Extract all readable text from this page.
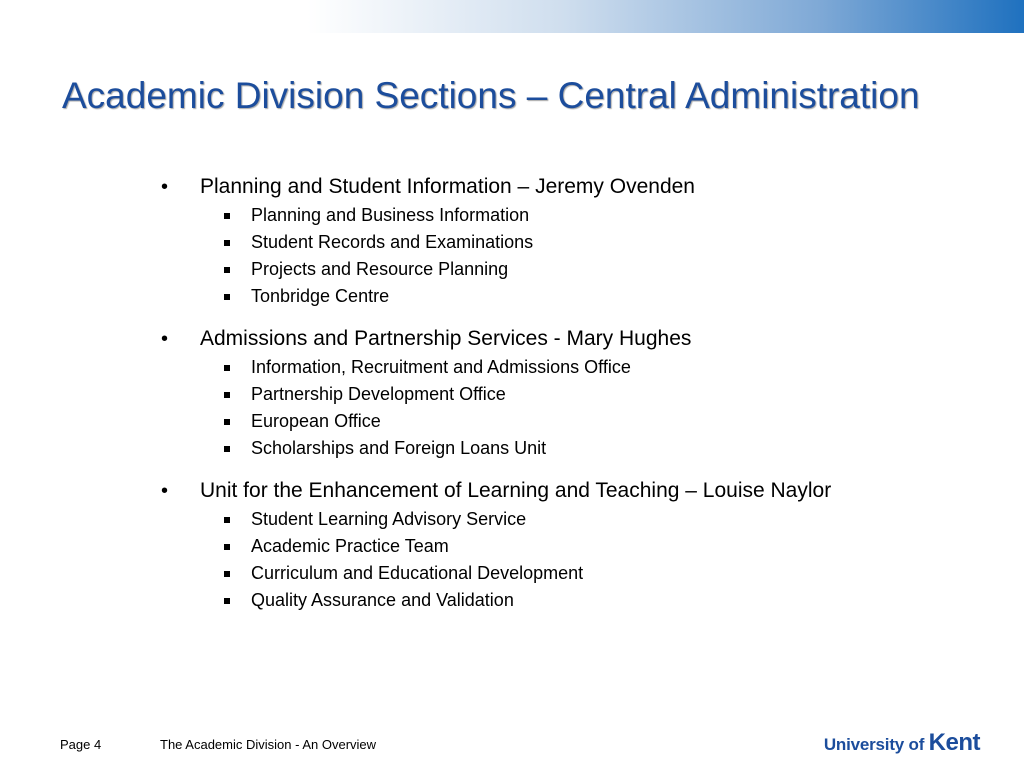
Academic Division Sections – Central Administration
• Planning and Student Information – Jeremy Ovenden
Planning and Business Information
Student Records and Examinations
Projects and Resource Planning
Tonbridge Centre
• Admissions and Partnership Services - Mary Hughes
Information, Recruitment and Admissions Office
Partnership Development Office
European Office
Scholarships and Foreign Loans Unit
• Unit for the Enhancement of Learning and Teaching – Louise Naylor
Student Learning Advisory Service
Academic Practice Team
Curriculum and Educational Development
Quality Assurance and Validation
Page 4	The Academic Division - An Overview	University of Kent
